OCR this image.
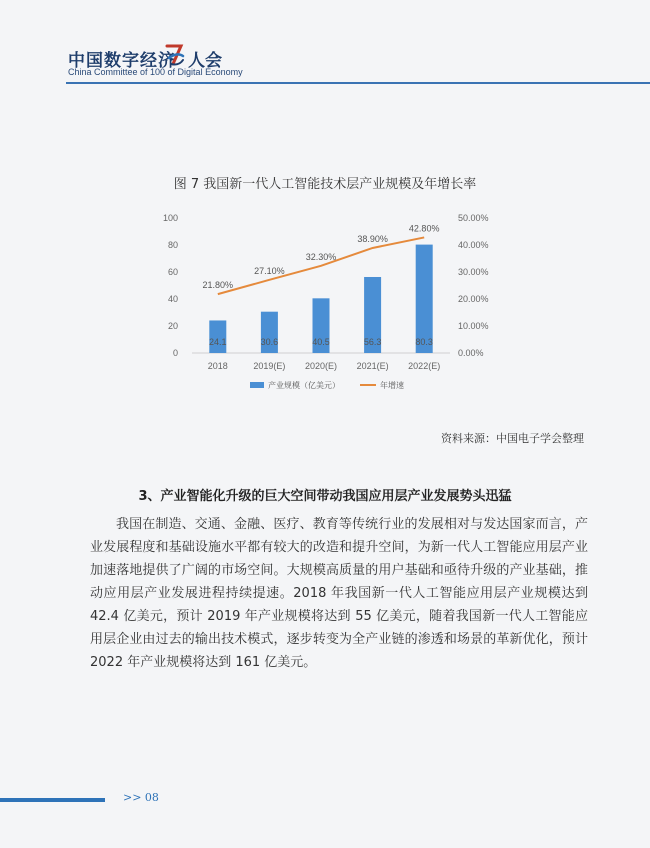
中国数字经济 人会
China Committee of 100 of Digital Economy
图 7 我国新一代人工智能技术层产业规模及年增长率
0
20
40
60
80
100
0.00%
10.00%
20.00%
30.00%
40.00%
50.00%
24.1
2018
30.6
2019(E)
40.5
2020(E)
56.3
2021(E)
80.3
2022(E)
21.80%
27.10%
32.30%
38.90%
42.80%
产业规模（亿美元）	年增速
资料来源：中国电子学会整理
3、产业智能化升级的巨大空间带动我国应用层产业发展势头迅猛

我国在制造、交通、金融、医疗、教育等传统行业的发展相对与发达国家而言，产业发展程度和基础设施水平都有较大的改造和提升空间，为新一代人工智能应用层产业加速落地提供了广阔的市场空间。大规模高质量的用户基础和亟待升级的产业基础，推动应用层产业发展进程持续提速。2018 年我国新一代人工智能应用层产业规模达到 42.4 亿美元，预计 2019 年产业规模将达到 55 亿美元，随着我国新一代人工智能应用层企业由过去的输出技术模式，逐步转变为全产业链的渗透和场景的革新优化，预计 2022 年产业规模将达到 161 亿美元。

>> 08
